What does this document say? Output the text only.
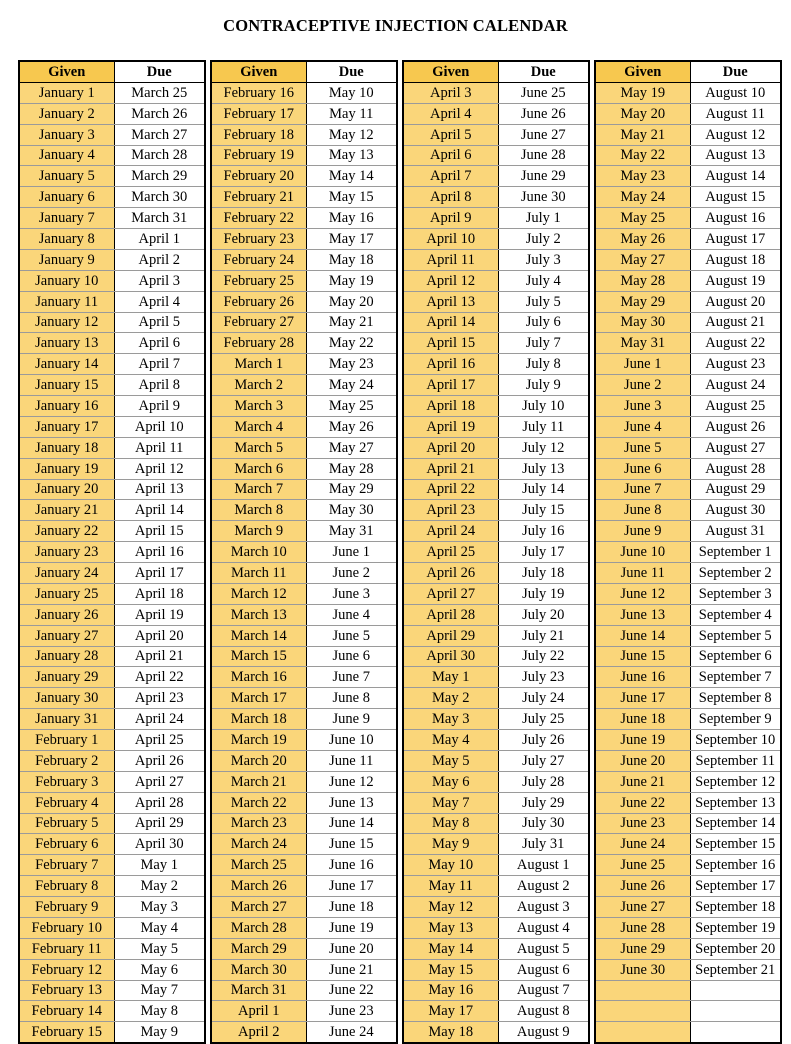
CONTRACEPTIVE INJECTION CALENDAR
Given	Due
January 1	March 25
January 2	March 26
January 3	March 27
January 4	March 28
January 5	March 29
January 6	March 30
January 7	March 31
January 8	April 1
January 9	April 2
January 10	April 3
January 11	April 4
January 12	April 5
January 13	April 6
January 14	April 7
January 15	April 8
January 16	April 9
January 17	April 10
January 18	April 11
January 19	April 12
January 20	April 13
January 21	April 14
January 22	April 15
January 23	April 16
January 24	April 17
January 25	April 18
January 26	April 19
January 27	April 20
January 28	April 21
January 29	April 22
January 30	April 23
January 31	April 24
February 1	April 25
February 2	April 26
February 3	April 27
February 4	April 28
February 5	April 29
February 6	April 30
February 7	May 1
February 8	May 2
February 9	May 3
February 10	May 4
February 11	May 5
February 12	May 6
February 13	May 7
February 14	May 8
February 15	May 9
Given	Due
February 16	May 10
February 17	May 11
February 18	May 12
February 19	May 13
February 20	May 14
February 21	May 15
February 22	May 16
February 23	May 17
February 24	May 18
February 25	May 19
February 26	May 20
February 27	May 21
February 28	May 22
March 1	May 23
March 2	May 24
March 3	May 25
March 4	May 26
March 5	May 27
March 6	May 28
March 7	May 29
March 8	May 30
March 9	May 31
March 10	June 1
March 11	June 2
March 12	June 3
March 13	June 4
March 14	June 5
March 15	June 6
March 16	June 7
March 17	June 8
March 18	June 9
March 19	June 10
March 20	June 11
March 21	June 12
March 22	June 13
March 23	June 14
March 24	June 15
March 25	June 16
March 26	June 17
March 27	June 18
March 28	June 19
March 29	June 20
March 30	June 21
March 31	June 22
April 1	June 23
April 2	June 24
Given	Due
April 3	June 25
April 4	June 26
April 5	June 27
April 6	June 28
April 7	June 29
April 8	June 30
April 9	July 1
April 10	July 2
April 11	July 3
April 12	July 4
April 13	July 5
April 14	July 6
April 15	July 7
April 16	July 8
April 17	July 9
April 18	July 10
April 19	July 11
April 20	July 12
April 21	July 13
April 22	July 14
April 23	July 15
April 24	July 16
April 25	July 17
April 26	July 18
April 27	July 19
April 28	July 20
April 29	July 21
April 30	July 22
May 1	July 23
May 2	July 24
May 3	July 25
May 4	July 26
May 5	July 27
May 6	July 28
May 7	July 29
May 8	July 30
May 9	July 31
May 10	August 1
May 11	August 2
May 12	August 3
May 13	August 4
May 14	August 5
May 15	August 6
May 16	August 7
May 17	August 8
May 18	August 9
Given	Due
May 19	August 10
May 20	August 11
May 21	August 12
May 22	August 13
May 23	August 14
May 24	August 15
May 25	August 16
May 26	August 17
May 27	August 18
May 28	August 19
May 29	August 20
May 30	August 21
May 31	August 22
June 1	August 23
June 2	August 24
June 3	August 25
June 4	August 26
June 5	August 27
June 6	August 28
June 7	August 29
June 8	August 30
June 9	August 31
June 10	September 1
June 11	September 2
June 12	September 3
June 13	September 4
June 14	September 5
June 15	September 6
June 16	September 7
June 17	September 8
June 18	September 9
June 19	September 10
June 20	September 11
June 21	September 12
June 22	September 13
June 23	September 14
June 24	September 15
June 25	September 16
June 26	September 17
June 27	September 18
June 28	September 19
June 29	September 20
June 30	September 21
